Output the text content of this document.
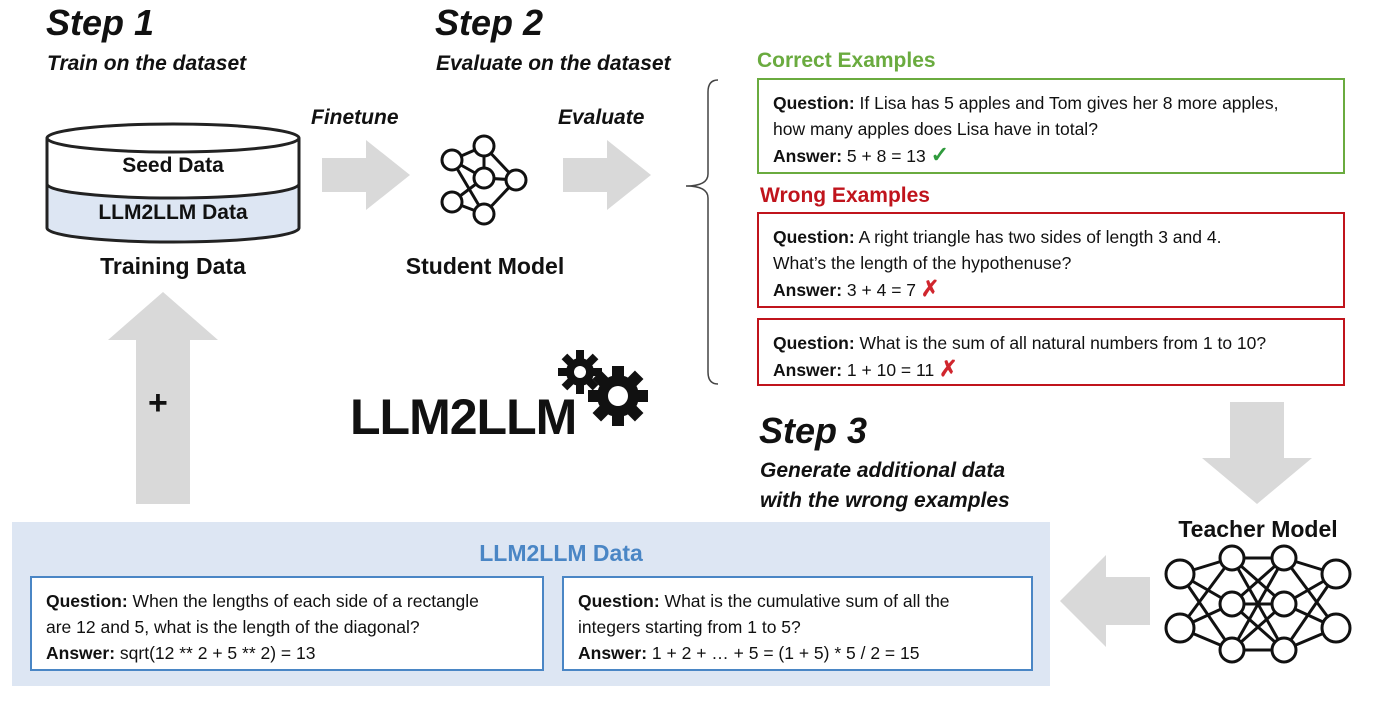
Step 1
Train on the dataset
Step 2
Evaluate on the dataset
Seed Data
LLM2LLM Data
Training Data
Finetune
Student Model
Evaluate
Correct Examples
Question: If Lisa has 5 apples and Tom gives her 8 more apples,
how many apples does Lisa have in total?
Answer: 5 + 8 = 13 ✓
Wrong Examples
Question: A right triangle has two sides of length 3 and 4.
What’s the length of the hypothenuse?
Answer: 3 + 4 = 7 ✗
Question: What is the sum of all natural numbers from 1 to 10?
Answer: 1 + 10 = 11 ✗
+	LLM2LLM	Step 3
Generate additional data
with the wrong examples
Teacher Model
LLM2LLM Data
Question: When the lengths of each side of a rectangle
are 12 and 5, what is the length of the diagonal?
Answer: sqrt(12 ** 2 + 5 ** 2) = 13
Question: What is the cumulative sum of all the
integers starting from 1 to 5?
Answer: 1 + 2 + … + 5 = (1 + 5) * 5 / 2 = 15
